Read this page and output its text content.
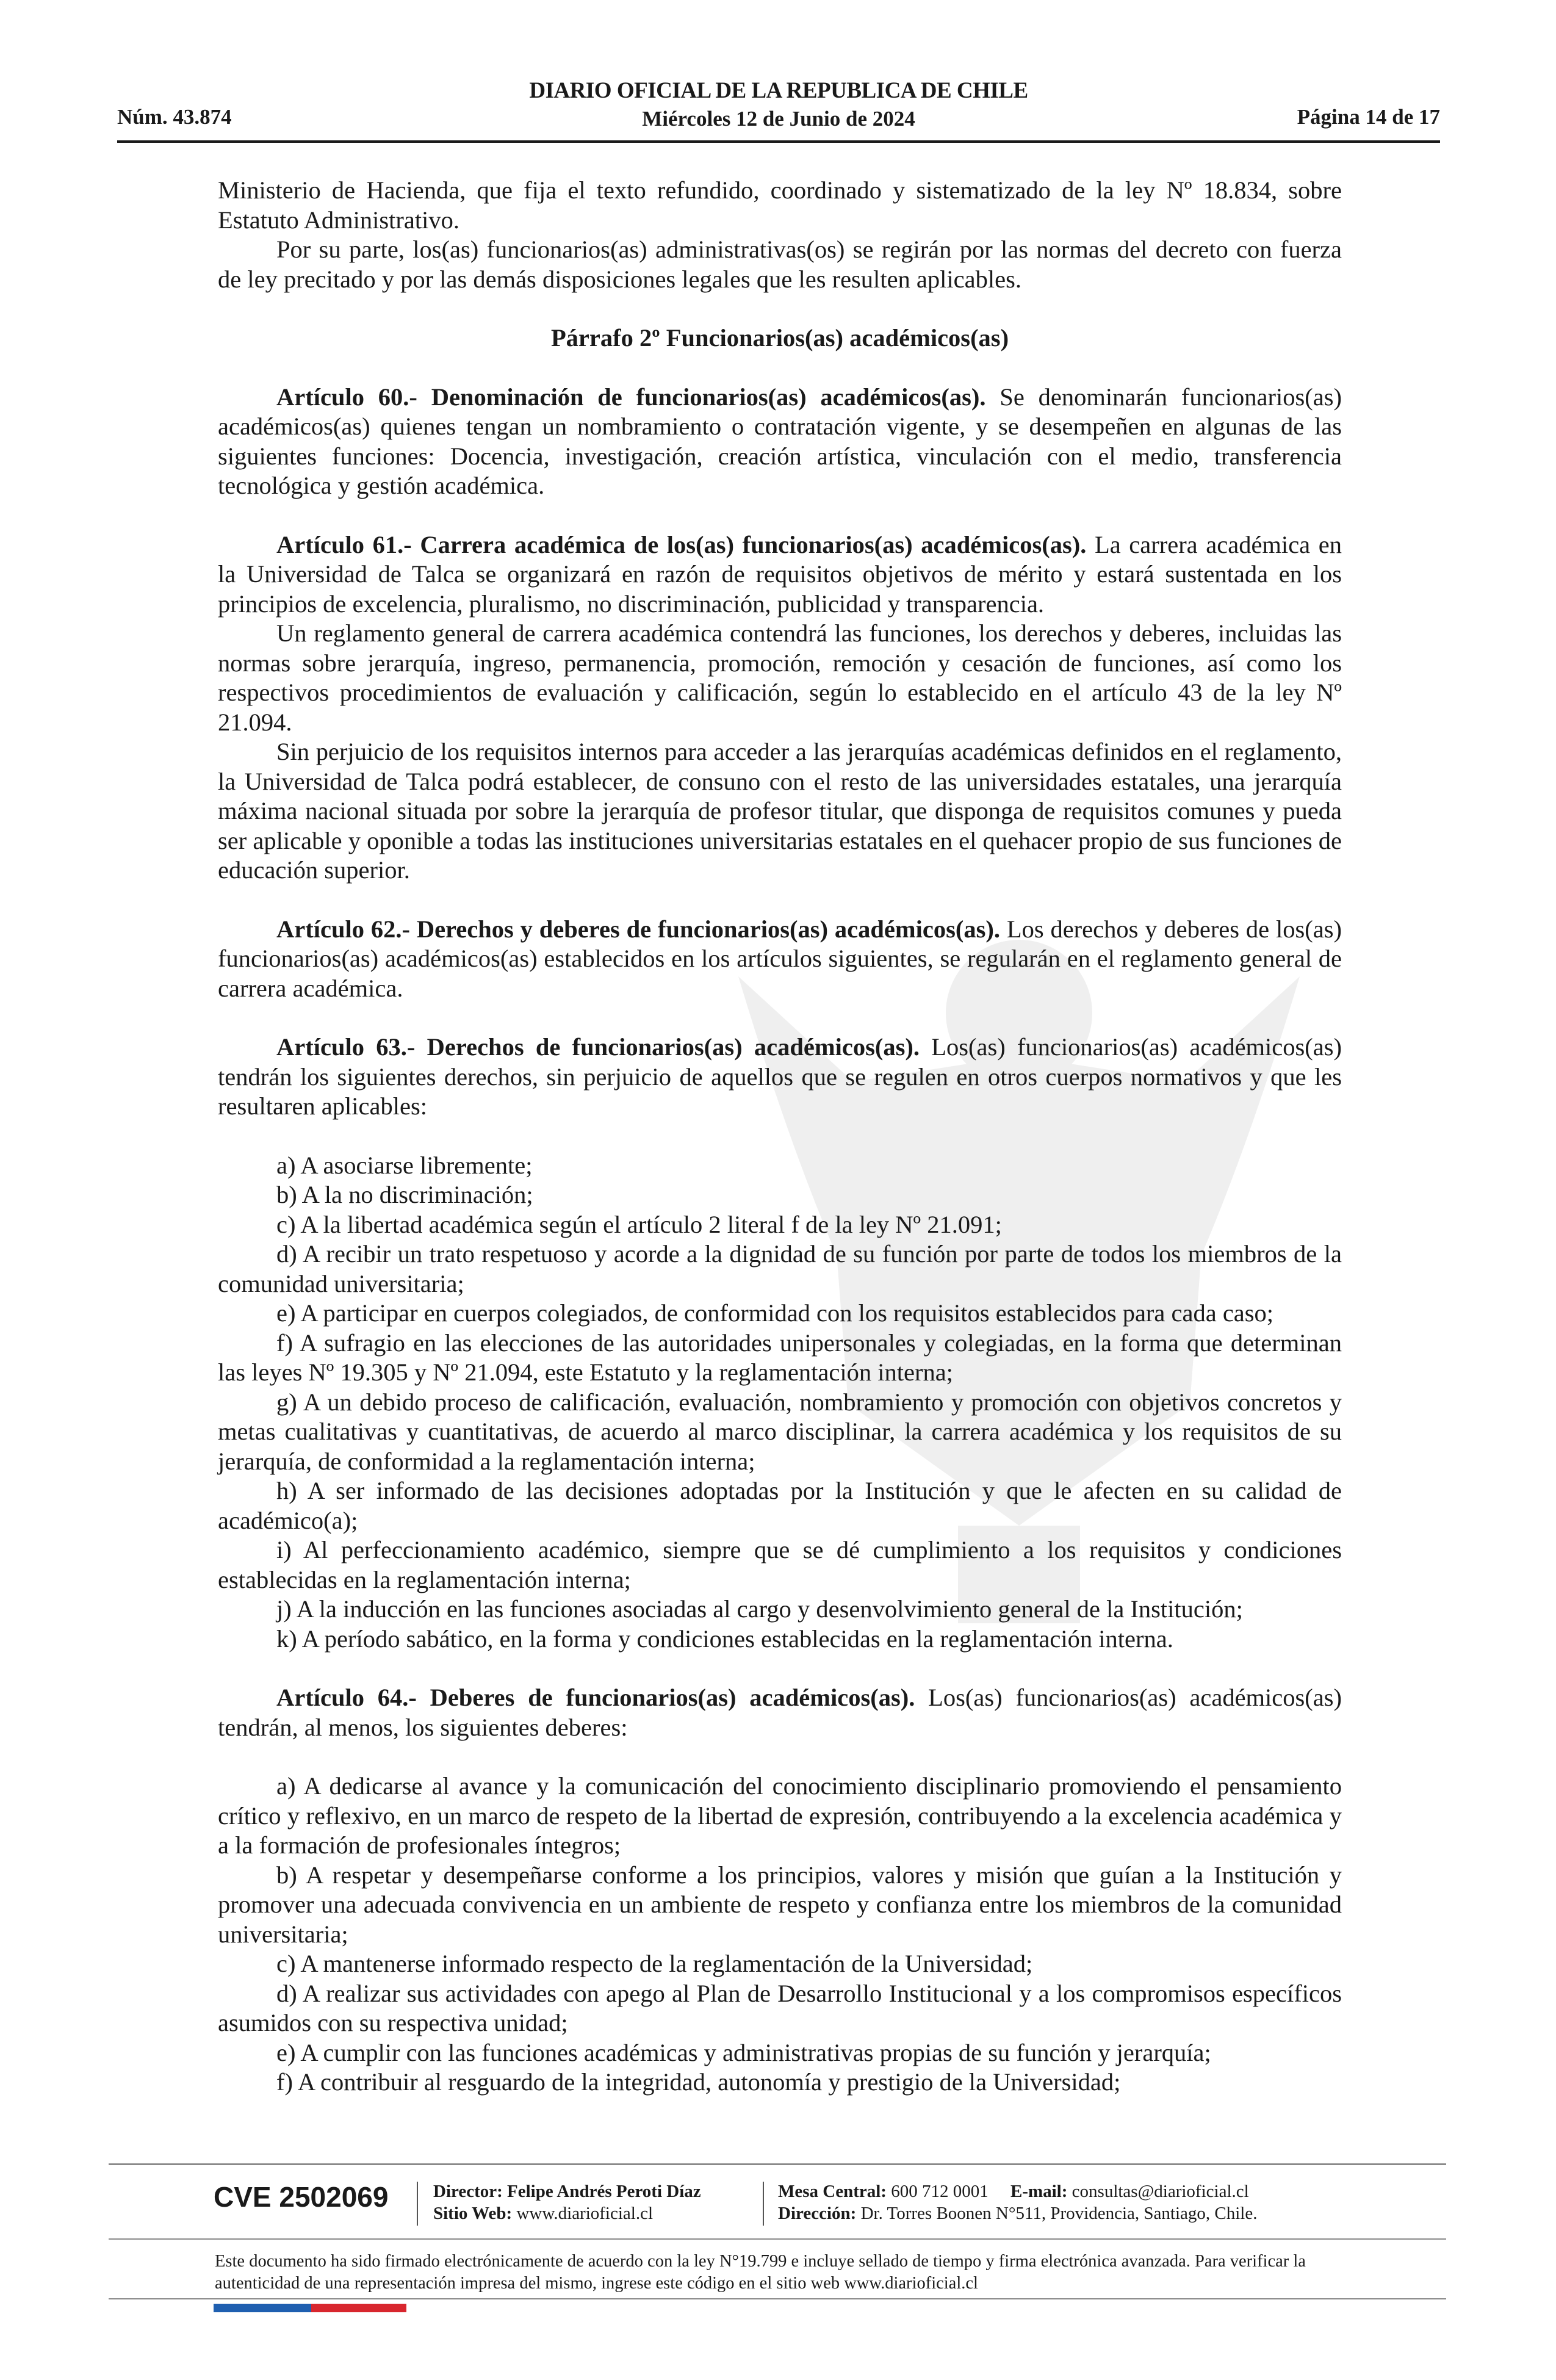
Núm. 43.874
DIARIO OFICIAL DE LA REPUBLICA DE CHILE
Miércoles 12 de Junio de 2024	Página 14 de 17

Ministerio de Hacienda, que fija el texto refundido, coordinado y sistematizado de la ley Nº 18.834, sobre Estatuto Administrativo.

Por su parte, los(as) funcionarios(as) administrativas(os) se regirán por las normas del decreto con fuerza de ley precitado y por las demás disposiciones legales que les resulten aplicables.

Párrafo 2º Funcionarios(as) académicos(as)

Artículo 60.- Denominación de funcionarios(as) académicos(as). Se denominarán funcionarios(as) académicos(as) quienes tengan un nombramiento o contratación vigente, y se desempeñen en algunas de las siguientes funciones: Docencia, investigación, creación artística, vinculación con el medio, transferencia tecnológica y gestión académica.

Artículo 61.- Carrera académica de los(as) funcionarios(as) académicos(as). La carrera académica en la Universidad de Talca se organizará en razón de requisitos objetivos de mérito y estará sustentada en los principios de excelencia, pluralismo, no discriminación, publicidad y transparencia.

Un reglamento general de carrera académica contendrá las funciones, los derechos y deberes, incluidas las normas sobre jerarquía, ingreso, permanencia, promoción, remoción y cesación de funciones, así como los respectivos procedimientos de evaluación y calificación, según lo establecido en el artículo 43 de la ley Nº 21.094.

Sin perjuicio de los requisitos internos para acceder a las jerarquías académicas definidos en el reglamento, la Universidad de Talca podrá establecer, de consuno con el resto de las universidades estatales, una jerarquía máxima nacional situada por sobre la jerarquía de profesor titular, que disponga de requisitos comunes y pueda ser aplicable y oponible a todas las instituciones universitarias estatales en el quehacer propio de sus funciones de educación superior.

Artículo 62.- Derechos y deberes de funcionarios(as) académicos(as). Los derechos y deberes de los(as) funcionarios(as) académicos(as) establecidos en los artículos siguientes, se regularán en el reglamento general de carrera académica.

Artículo 63.- Derechos de funcionarios(as) académicos(as). Los(as) funcionarios(as) académicos(as) tendrán los siguientes derechos, sin perjuicio de aquellos que se regulen en otros cuerpos normativos y que les resultaren aplicables:

a) A asociarse libremente;

b) A la no discriminación;

c) A la libertad académica según el artículo 2 literal f de la ley Nº 21.091;

d) A recibir un trato respetuoso y acorde a la dignidad de su función por parte de todos los miembros de la comunidad universitaria;

e) A participar en cuerpos colegiados, de conformidad con los requisitos establecidos para cada caso;

f) A sufragio en las elecciones de las autoridades unipersonales y colegiadas, en la forma que determinan las leyes Nº 19.305 y Nº 21.094, este Estatuto y la reglamentación interna;

g) A un debido proceso de calificación, evaluación, nombramiento y promoción con objetivos concretos y metas cualitativas y cuantitativas, de acuerdo al marco disciplinar, la carrera académica y los requisitos de su jerarquía, de conformidad a la reglamentación interna;

h) A ser informado de las decisiones adoptadas por la Institución y que le afecten en su calidad de académico(a);

i) Al perfeccionamiento académico, siempre que se dé cumplimiento a los requisitos y condiciones establecidas en la reglamentación interna;

j) A la inducción en las funciones asociadas al cargo y desenvolvimiento general de la Institución;

k) A período sabático, en la forma y condiciones establecidas en la reglamentación interna.

Artículo 64.- Deberes de funcionarios(as) académicos(as). Los(as) funcionarios(as) académicos(as) tendrán, al menos, los siguientes deberes:

a) A dedicarse al avance y la comunicación del conocimiento disciplinario promoviendo el pensamiento crítico y reflexivo, en un marco de respeto de la libertad de expresión, contribuyendo a la excelencia académica y a la formación de profesionales íntegros;

b) A respetar y desempeñarse conforme a los principios, valores y misión que guían a la Institución y promover una adecuada convivencia en un ambiente de respeto y confianza entre los miembros de la comunidad universitaria;

c) A mantenerse informado respecto de la reglamentación de la Universidad;

d) A realizar sus actividades con apego al Plan de Desarrollo Institucional y a los compromisos específicos asumidos con su respectiva unidad;

e) A cumplir con las funciones académicas y administrativas propias de su función y jerarquía;

f) A contribuir al resguardo de la integridad, autonomía y prestigio de la Universidad;

CVE 2502069	Director: Felipe Andrés Peroti Díaz
Sitio Web: www.diarioficial.cl
Mesa Central: 600 712 0001 E-mail: consultas@diarioficial.cl
Dirección: Dr. Torres Boonen N°511, Providencia, Santiago, Chile.
Este documento ha sido firmado electrónicamente de acuerdo con la ley N°19.799 e incluye sellado de tiempo y firma electrónica avanzada. Para verificar la autenticidad de una representación impresa del mismo, ingrese este código en el sitio web www.diarioficial.cl
